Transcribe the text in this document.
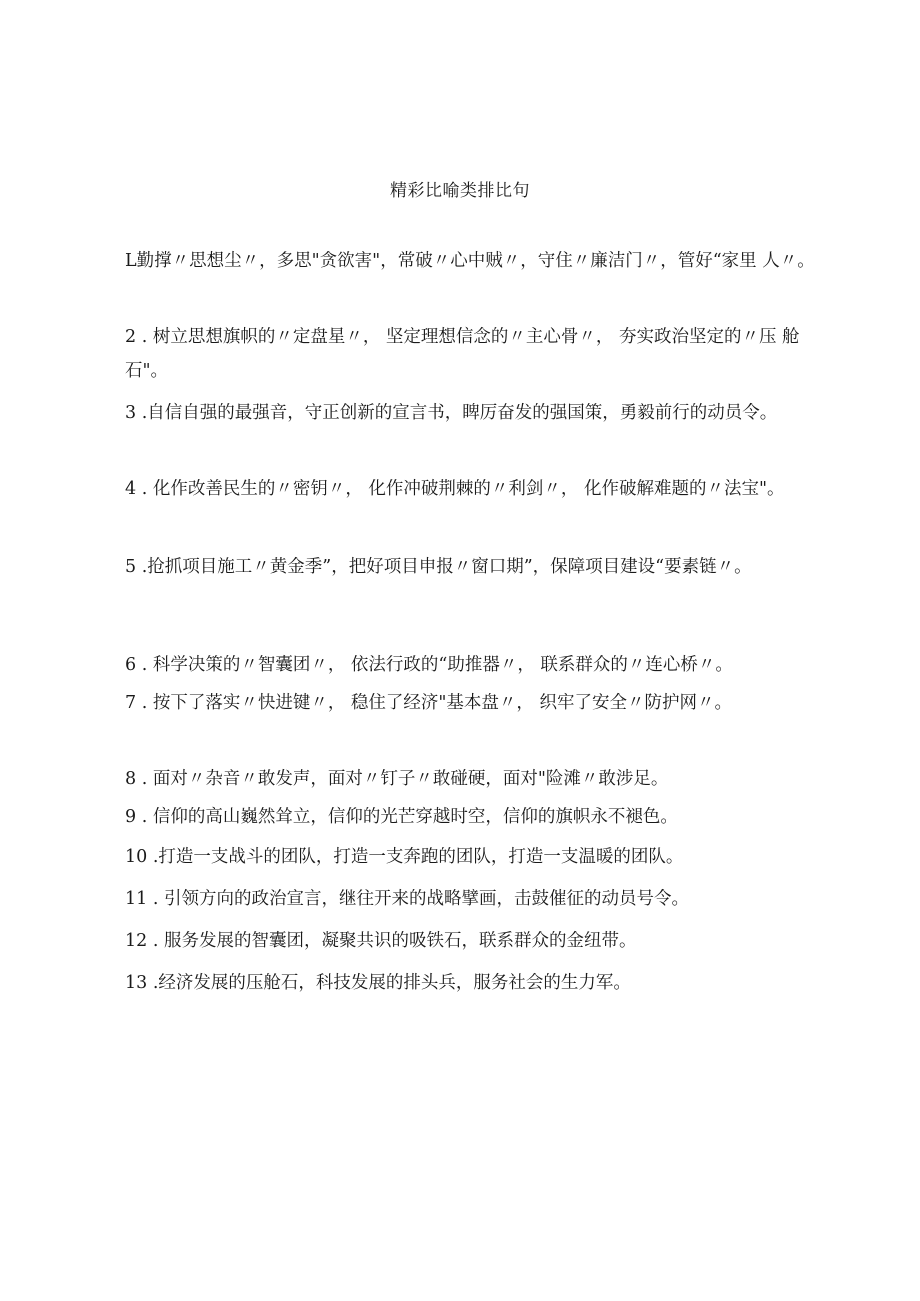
精彩比喻类排比句
L勤撑〃思想尘〃，多思"贪欲害"，常破〃心中贼〃，守住〃廉洁门〃，管好“家里 人〃。
2 . 树立思想旗帜的〃定盘星〃， 坚定理想信念的〃主心骨〃， 夯实政治坚定的〃压 舱石"。
3 .自信自强的最强音，守正创新的宣言书，睥厉奋发的强国策，勇毅前行的动员令。
4 . 化作改善民生的〃密钥〃， 化作冲破荆棘的〃利剑〃， 化作破解难题的〃法宝"。
5 .抢抓项目施工〃黄金季”，把好项目申报〃窗口期”，保障项目建设“要素链〃。
6 . 科学决策的〃智囊团〃， 依法行政的“助推器〃， 联系群众的〃连心桥〃。
7 . 按下了落实〃快进键〃， 稳住了经济"基本盘〃， 织牢了安全〃防护网〃。
8 . 面对〃杂音〃敢发声，面对〃钉子〃敢碰硬，面对"险滩〃敢涉足。
9 . 信仰的高山巍然耸立，信仰的光芒穿越时空，信仰的旗帜永不褪色。
10 .打造一支战斗的团队，打造一支奔跑的团队，打造一支温暖的团队。
11 . 引领方向的政治宣言，继往开来的战略擘画，击鼓催征的动员号令。
12 . 服务发展的智囊团，凝聚共识的吸铁石，联系群众的金纽带。
13 .经济发展的压舱石，科技发展的排头兵，服务社会的生力军。
